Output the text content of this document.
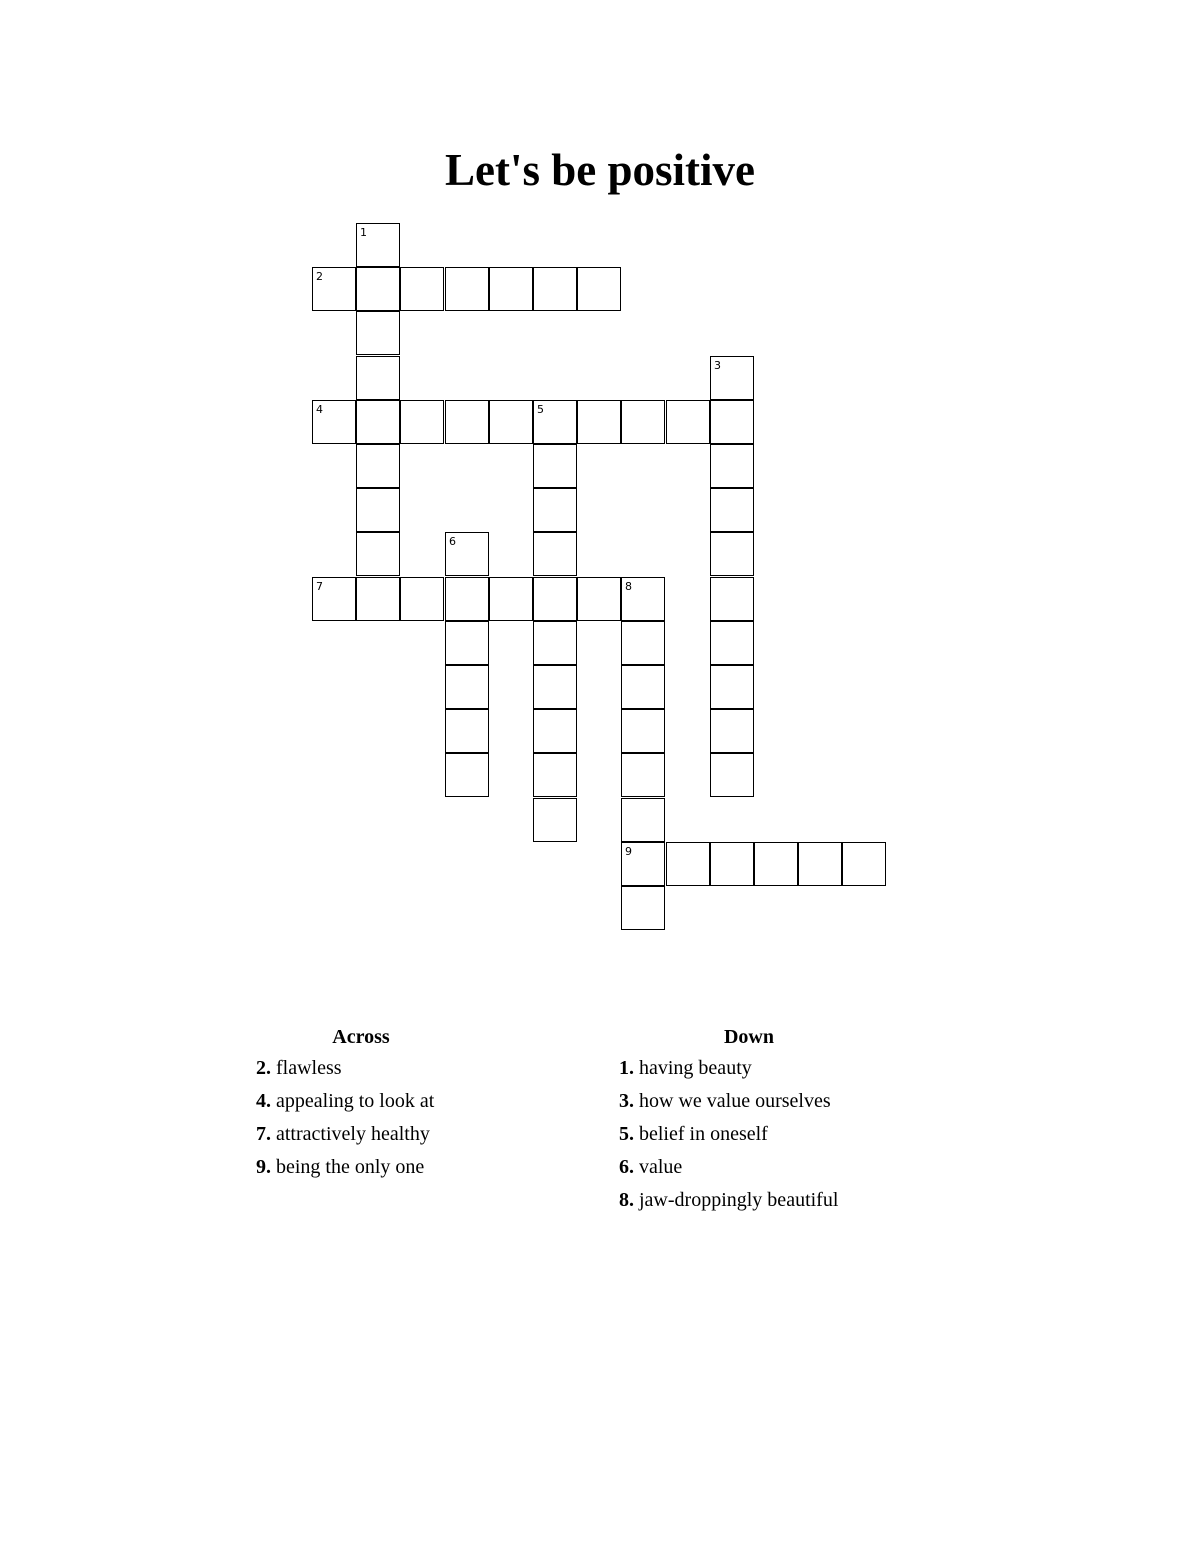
Let's be positive
1
2
3
4	5
6
7	8
9
Across
2. flawless
4. appealing to look at
7. attractively healthy
9. being the only one
Down
1. having beauty
3. how we value ourselves
5. belief in oneself
6. value
8. jaw-droppingly beautiful
